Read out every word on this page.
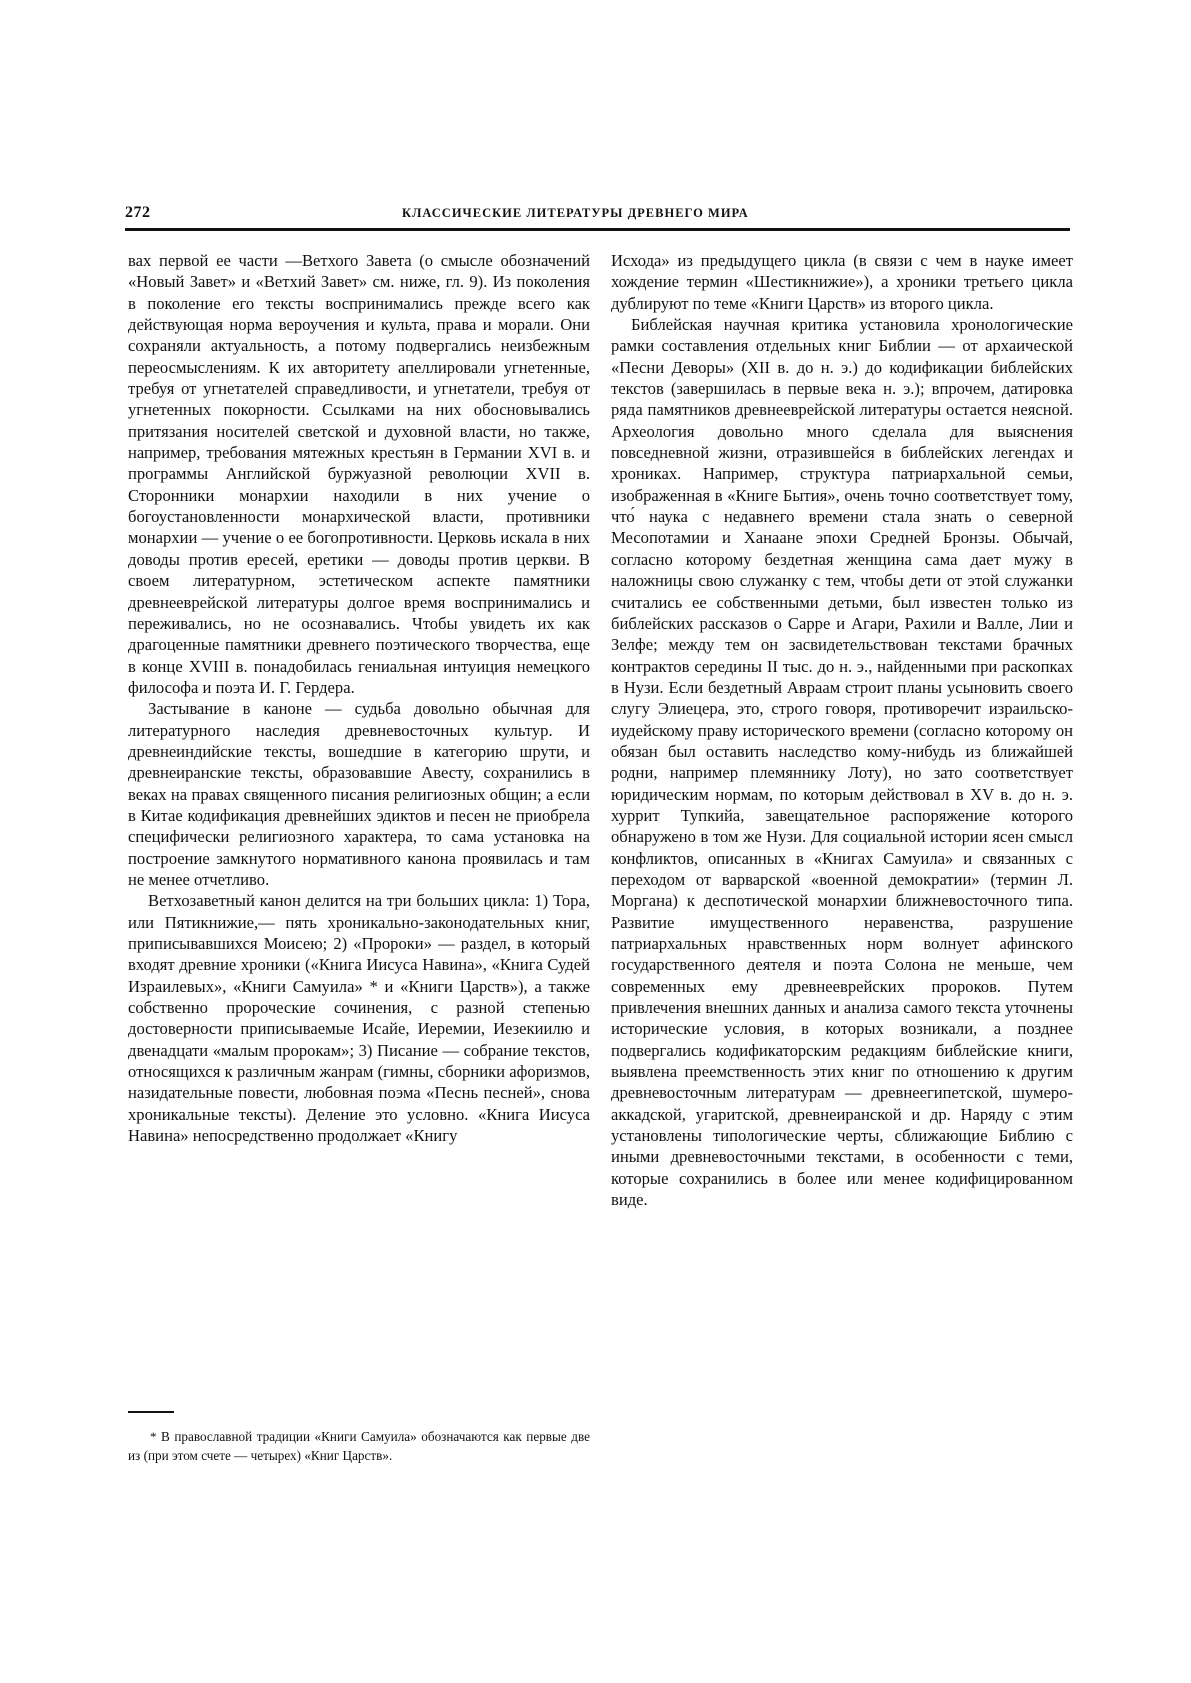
272	КЛАССИЧЕСКИЕ ЛИТЕРАТУРЫ ДРЕВНЕГО МИРА

вах первой ее части —Ветхого Завета (о смысле обозначений «Новый Завет» и «Ветхий Завет» см. ниже, гл. 9). Из поколения в поколение его тексты воспринимались прежде всего как действующая норма вероучения и культа, права и морали. Они сохраняли актуальность, а потому подвергались неизбежным переосмыслениям. К их авторитету апеллировали угнетенные, требуя от угнетателей справедливости, и угнетатели, требуя от угнетенных покорности. Ссылками на них обосновывались притязания носителей светской и духовной власти, но также, например, требования мятежных крестьян в Германии XVI в. и программы Английской буржуазной революции XVII в. Сторонники монархии находили в них учение о богоустановленности монархической власти, противники монархии — учение о ее богопротивности. Церковь искала в них доводы против ересей, еретики — доводы против церкви. В своем литературном, эстетическом аспекте памятники древнееврейской литературы долгое время воспринимались и переживались, но не осознавались. Чтобы увидеть их как драгоценные памятники древнего поэтического творчества, еще в конце XVIII в. понадобилась гениальная интуиция немецкого философа и поэта И. Г. Гердера.

Застывание в каноне — судьба довольно обычная для литературного наследия древневосточных культур. И древнеиндийские тексты, вошедшие в категорию шрути, и древнеиранские тексты, образовавшие Авесту, сохранились в веках на правах священного писания религиозных общин; а если в Китае кодификация древнейших эдиктов и песен не приобрела специфически религиозного характера, то сама установка на построение замкнутого нормативного канона проявилась и там не менее отчетливо.

Ветхозаветный канон делится на три больших цикла: 1) Тора, или Пятикнижие,— пять хроникально-законодательных книг, приписывавшихся Моисею; 2) «Пророки» — раздел, в который входят древние хроники («Книга Иисуса Навина», «Книга Судей Израилевых», «Книги Самуила» * и «Книги Царств»), а также собственно пророческие сочинения, с разной степенью достоверности приписываемые Исайе, Иеремии, Иезекиилю и двенадцати «малым пророкам»; 3) Писание — собрание текстов, относящихся к различным жанрам (гимны, сборники афоризмов, назидательные повести, любовная поэма «Песнь песней», снова хроникальные тексты). Деление это условно. «Книга Иисуса Навина» непосредственно продолжает «Книгу

* В православной традиции «Книги Самуила» обозначаются как первые две из (при этом счете — четырех) «Книг Царств».

Исхода» из предыдущего цикла (в связи с чем в науке имеет хождение термин «Шестикнижие»), а хроники третьего цикла дублируют по теме «Книги Царств» из второго цикла.

Библейская научная критика установила хронологические рамки составления отдельных книг Библии — от архаической «Песни Деворы» (XII в. до н. э.) до кодификации библейских текстов (завершилась в первые века н. э.); впрочем, датировка ряда памятников древнееврейской литературы остается неясной. Археология довольно много сделала для выяснения повседневной жизни, отразившейся в библейских легендах и хрониках. Например, структура патриархальной семьи, изображенная в «Книге Бытия», очень точно соответствует тому, что́ наука с недавнего времени стала знать о северной Месопотамии и Ханаане эпохи Средней Бронзы. Обычай, согласно которому бездетная женщина сама дает мужу в наложницы свою служанку с тем, чтобы дети от этой служанки считались ее собственными детьми, был известен только из библейских рассказов о Сарре и Агари, Рахили и Валле, Лии и Зелфе; между тем он засвидетельствован текстами брачных контрактов середины II тыс. до н. э., найденными при раскопках в Нузи. Если бездетный Авраам строит планы усыновить своего слугу Элиецера, это, строго говоря, противоречит израильско-иудейскому праву исторического времени (согласно которому он обязан был оставить наследство кому-нибудь из ближайшей родни, например племяннику Лоту), но зато соответствует юридическим нормам, по которым действовал в XV в. до н. э. хуррит Тупкийа, завещательное распоряжение которого обнаружено в том же Нузи. Для социальной истории ясен смысл конфликтов, описанных в «Книгах Самуила» и связанных с переходом от варварской «военной демократии» (термин Л. Моргана) к деспотической монархии ближневосточного типа. Развитие имущественного неравенства, разрушение патриархальных нравственных норм волнует афинского государственного деятеля и поэта Солона не меньше, чем современных ему древнееврейских пророков. Путем привлечения внешних данных и анализа самого текста уточнены исторические условия, в которых возникали, а позднее подвергались кодификаторским редакциям библейские книги, выявлена преемственность этих книг по отношению к другим древневосточным литературам — древнеегипетской, шумеро-аккадской, угаритской, древнеиранской и др. Наряду с этим установлены типологические черты, сближающие Библию с иными древневосточными текстами, в особенности с теми, которые сохранились в более или менее кодифицированном виде.
